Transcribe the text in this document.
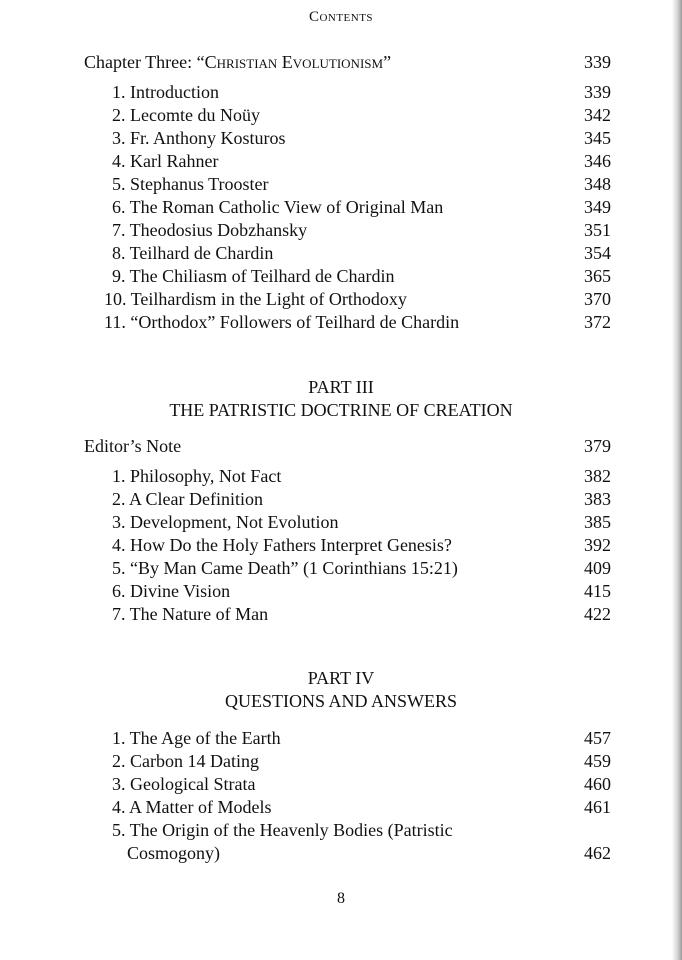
Contents
Chapter Three: “Christian Evolutionism”	339
1. Introduction	339
2. Lecomte du Noüy	342
3. Fr. Anthony Kosturos	345
4. Karl Rahner	346
5. Stephanus Trooster	348
6. The Roman Catholic View of Original Man	349
7. Theodosius Dobzhansky	351
8. Teilhard de Chardin	354
9. The Chiliasm of Teilhard de Chardin	365
10. Teilhardism in the Light of Orthodoxy	370
11. “Orthodox” Followers of Teilhard de Chardin	372
PART III
THE PATRISTIC DOCTRINE OF CREATION
Editor’s Note	379
1. Philosophy, Not Fact	382
2. A Clear Definition	383
3. Development, Not Evolution	385
4. How Do the Holy Fathers Interpret Genesis?	392
5. “By Man Came Death” (1 Corinthians 15:21)	409
6. Divine Vision	415
7. The Nature of Man	422
PART IV
QUESTIONS AND ANSWERS
1. The Age of the Earth	457
2. Carbon 14 Dating	459
3. Geological Strata	460
4. A Matter of Models	461
5. The Origin of the Heavenly Bodies (Patristic
Cosmogony)	462
8
